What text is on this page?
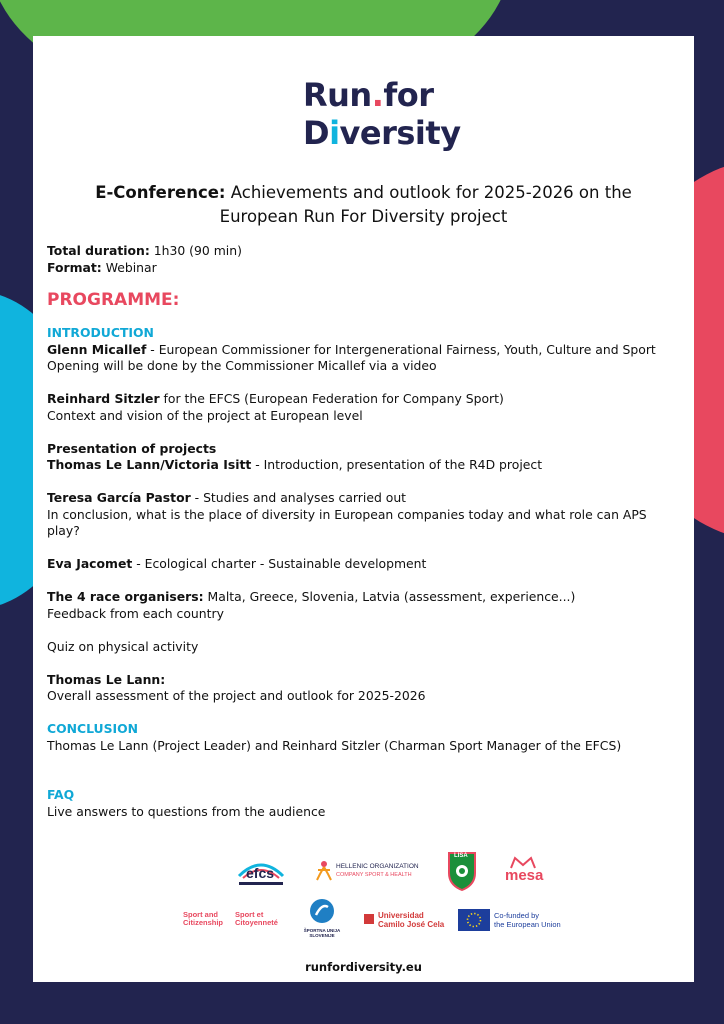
Run.for
Diversity
E-Conference: Achievements and outlook for 2025-2026 on the European Run For Diversity project

Total duration: 1h30 (90 min)

Format: Webinar

PROGRAMME:

INTRODUCTION

Glenn Micallef - European Commissioner for Intergenerational Fairness, Youth, Culture and Sport

Opening will be done by the Commissioner Micallef via a video

Reinhard Sitzler for the EFCS (European Federation for Company Sport)

Context and vision of the project at European level

Presentation of projects

Thomas Le Lann/Victoria Isitt - Introduction, presentation of the R4D project

Teresa García Pastor - Studies and analyses carried out

In conclusion, what is the place of diversity in European companies today and what role can APS play?

Eva Jacomet - Ecological charter - Sustainable development

The 4 race organisers: Malta, Greece, Slovenia, Latvia (assessment, experience...)

Feedback from each country

Quiz on physical activity

Thomas Le Lann:

Overall assessment of the project and outlook for 2025-2026

CONCLUSION

Thomas Le Lann (Project Leader) and Reinhard Sitzler (Charman Sport Manager of the EFCS)

FAQ

Live answers to questions from the audience

efcs	HELLENIC ORGANIZATION
COMPANY SPORT & HEALTH
LISA
mesa
Sport and
Citizenship
Sport et
Citoyenneté
ŠPORTNA UNIJA SLOVENIJE
Universidad
Camilo José Cela
Co-funded by
the European Union
runfordiversity.eu
